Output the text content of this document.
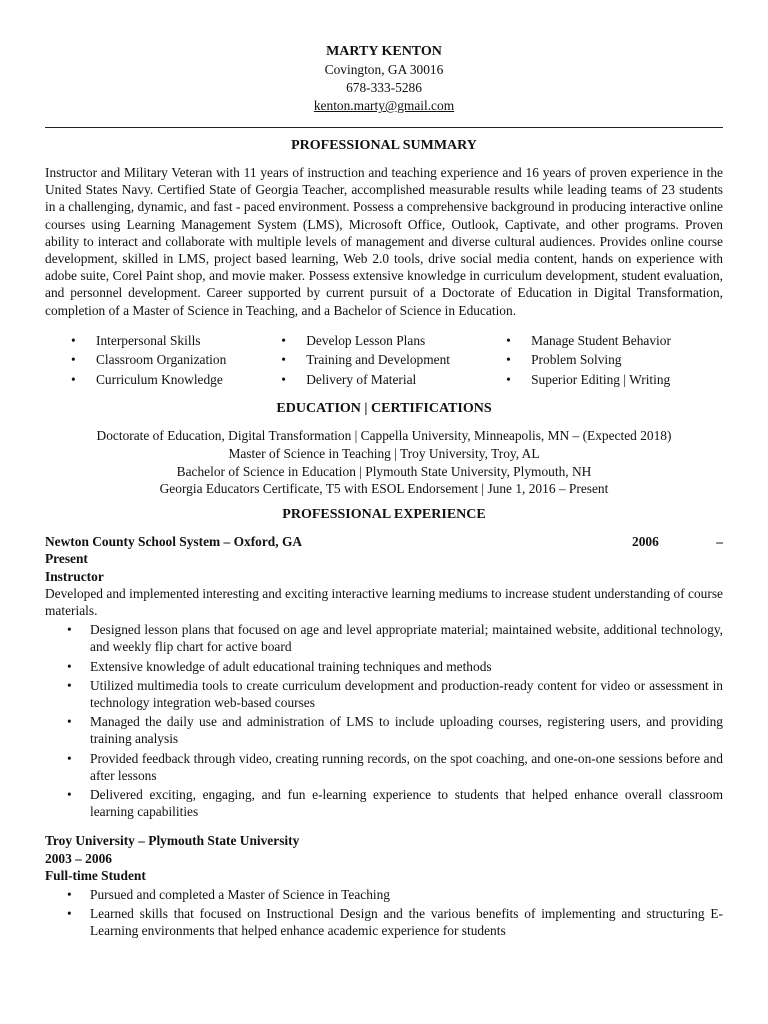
MARTY KENTON
Covington, GA 30016
678-333-5286
kenton.marty@gmail.com
PROFESSIONAL SUMMARY

Instructor and Military Veteran with 11 years of instruction and teaching experience and 16 years of proven experience in the United States Navy. Certified State of Georgia Teacher, accomplished measurable results while leading teams of 23 students in a challenging, dynamic, and fast - paced environment. Possess a comprehensive background in producing interactive online courses using Learning Management System (LMS), Microsoft Office, Outlook, Captivate, and other programs. Proven ability to interact and collaborate with multiple levels of management and diverse cultural audiences. Provides online course development, skilled in LMS, project based learning, Web 2.0 tools, drive social media content, hands on experience with adobe suite, Corel Paint shop, and movie maker. Possess extensive knowledge in curriculum development, student evaluation, and personnel development. Career supported by current pursuit of a Doctorate of Education in Digital Transformation, completion of a Master of Science in Teaching, and a Bachelor of Science in Education.

• Interpersonal Skills
• Classroom Organization
• Curriculum Knowledge
• Develop Lesson Plans
• Training and Development
• Delivery of Material
• Manage Student Behavior
• Problem Solving
• Superior Editing | Writing
EDUCATION | CERTIFICATIONS
Doctorate of Education, Digital Transformation | Cappella University, Minneapolis, MN – (Expected 2018)
Master of Science in Teaching | Troy University, Troy, AL
Bachelor of Science in Education | Plymouth State University, Plymouth, NH
Georgia Educators Certificate, T5 with ESOL Endorsement | June 1, 2016 – Present
PROFESSIONAL EXPERIENCE
Newton County School System – Oxford, GA	2006	–
Present
Instructor

Developed and implemented interesting and exciting interactive learning mediums to increase student understanding of course materials.

• Designed lesson plans that focused on age and level appropriate material; maintained website, additional technology, and weekly flip chart for active board
• Extensive knowledge of adult educational training techniques and methods
• Utilized multimedia tools to create curriculum development and production-ready content for video or assessment in technology integration web-based courses
• Managed the daily use and administration of LMS to include uploading courses, registering users, and providing training analysis
• Provided feedback through video, creating running records, on the spot coaching, and one-on-one sessions before and after lessons
• Delivered exciting, engaging, and fun e-learning experience to students that helped enhance overall classroom learning capabilities
Troy University – Plymouth State University
2003 – 2006
Full-time Student
• Pursued and completed a Master of Science in Teaching
• Learned skills that focused on Instructional Design and the various benefits of implementing and structuring E-Learning environments that helped enhance academic experience for students
